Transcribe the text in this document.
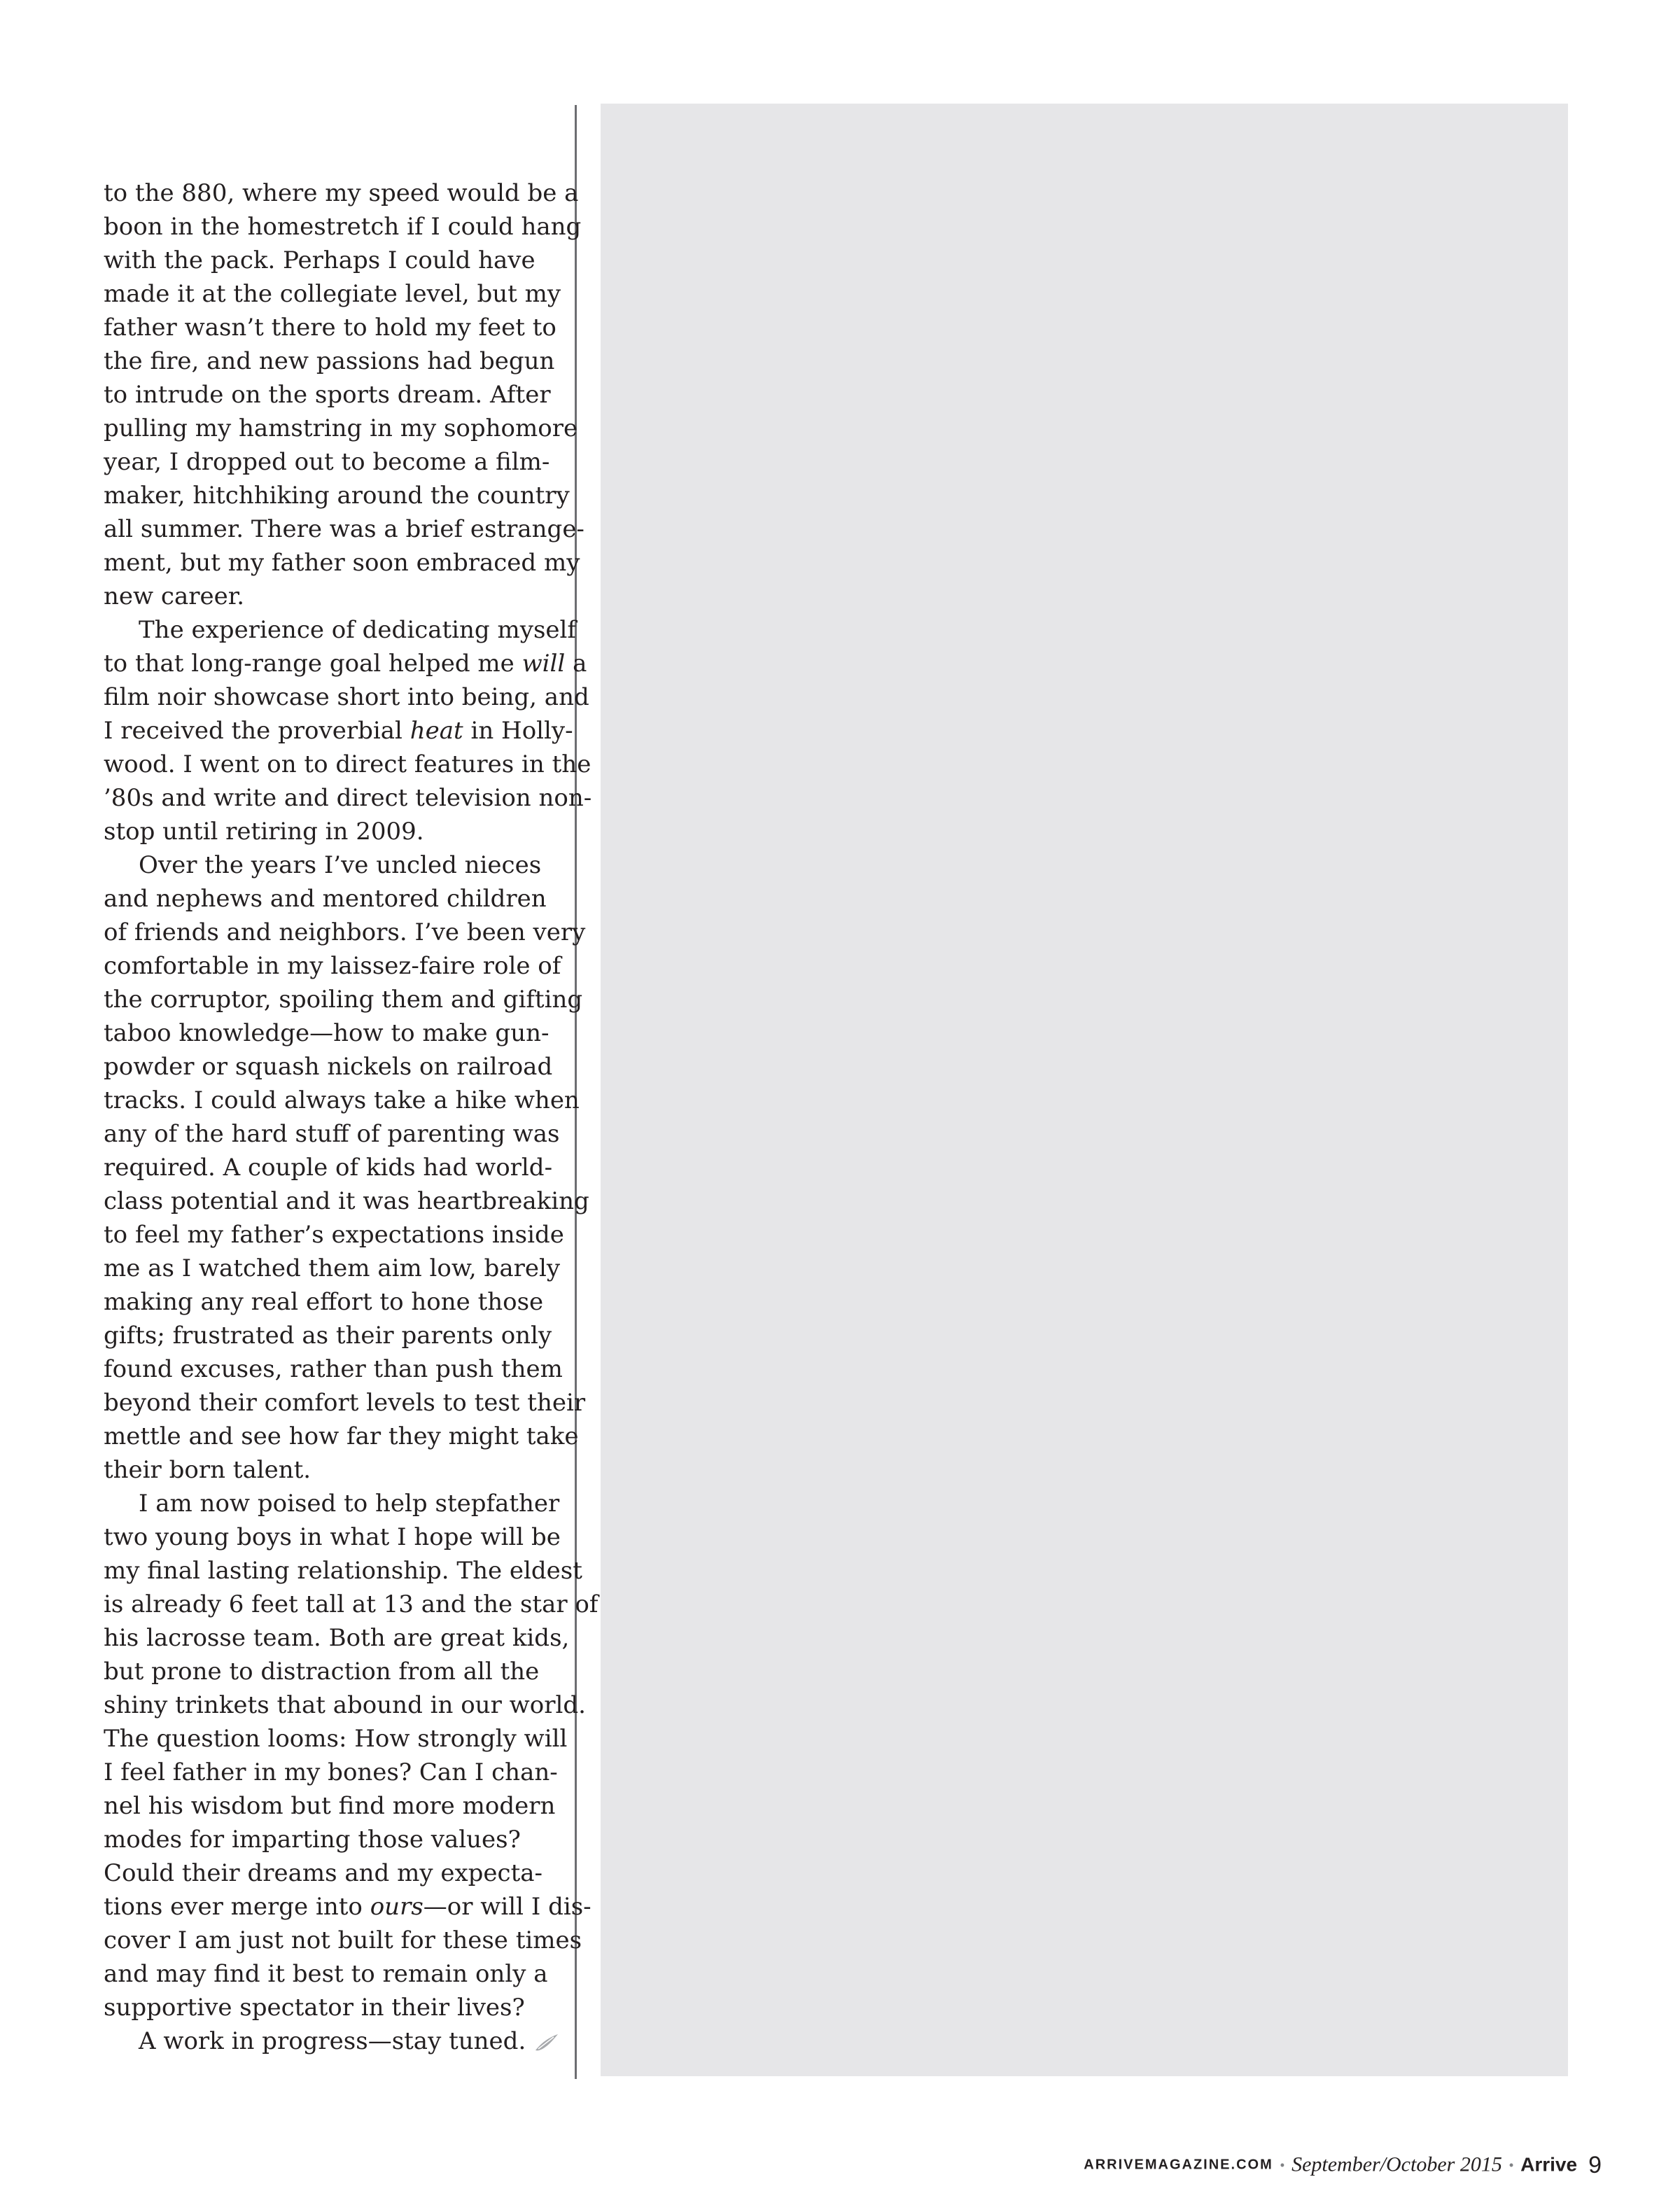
to the 880, where my speed would be a
boon in the homestretch if I could hang
with the pack. Perhaps I could have
made it at the collegiate level, but my
father wasn’t there to hold my feet to
the fire, and new passions had begun
to intrude on the sports dream. After
pulling my hamstring in my sophomore
year, I dropped out to become a film-
maker, hitchhiking around the country
all summer. There was a brief estrange-
ment, but my father soon embraced my
new career.
The experience of dedicating myself
to that long-range goal helped me will a
film noir showcase short into being, and
I received the proverbial heat in Holly-
wood. I went on to direct features in the
’80s and write and direct television non-
stop until retiring in 2009.
Over the years I’ve uncled nieces
and nephews and mentored children
of friends and neighbors. I’ve been very
comfortable in my laissez-faire role of
the corruptor, spoiling them and gifting
taboo knowledge—how to make gun-
powder or squash nickels on railroad
tracks. I could always take a hike when
any of the hard stuff of parenting was
required. A couple of kids had world-
class potential and it was heartbreaking
to feel my father’s expectations inside
me as I watched them aim low, barely
making any real effort to hone those
gifts; frustrated as their parents only
found excuses, rather than push them
beyond their comfort levels to test their
mettle and see how far they might take
their born talent.
I am now poised to help stepfather
two young boys in what I hope will be
my final lasting relationship. The eldest
is already 6 feet tall at 13 and the star of
his lacrosse team. Both are great kids,
but prone to distraction from all the
shiny trinkets that abound in our world.
The question looms: How strongly will
I feel father in my bones? Can I chan-
nel his wisdom but find more modern
modes for imparting those values?
Could their dreams and my expecta-
tions ever merge into ours—or will I dis-
cover I am just not built for these times
and may find it best to remain only a
supportive spectator in their lives?
A work in progress—stay tuned.
ARRIVEMAGAZINE.COM • September/October 2015 • Arrive 9
